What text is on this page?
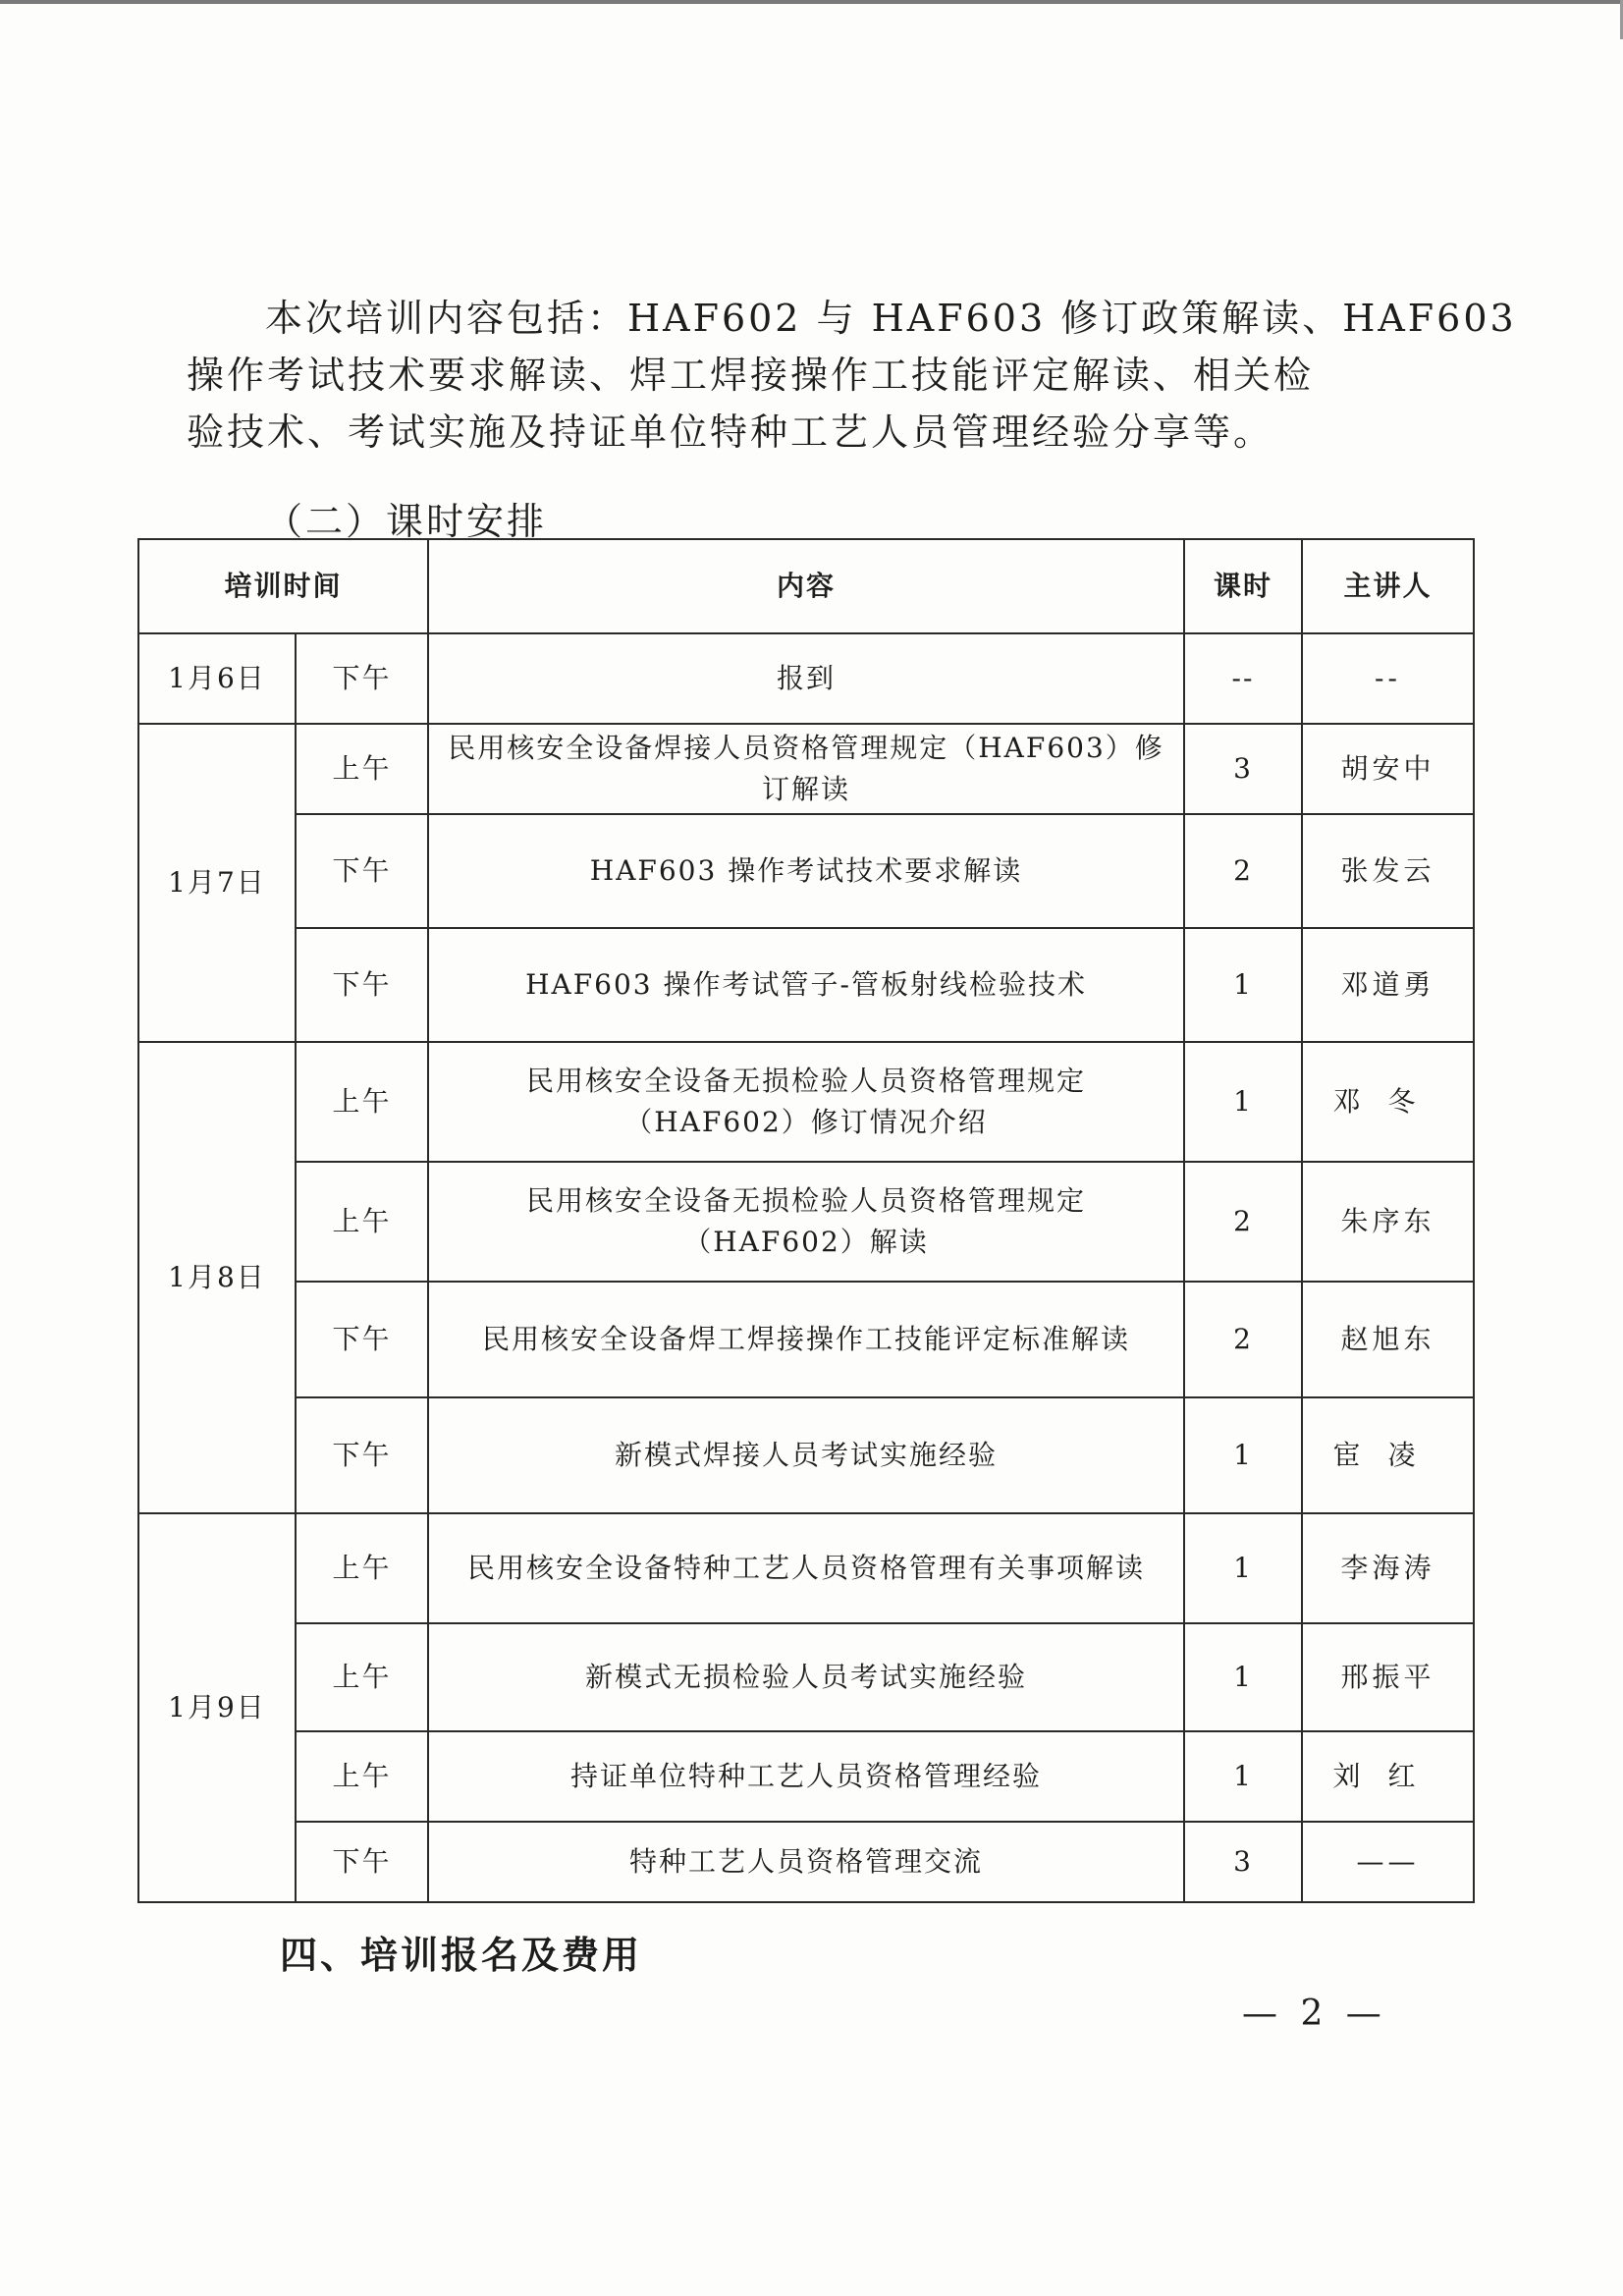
本次培训内容包括：HAF602 与 HAF603 修订政策解读、HAF603
操作考试技术要求解读、焊工焊接操作工技能评定解读、相关检
验技术、考试实施及持证单位特种工艺人员管理经验分享等。

（二）课时安排
培训时间		内容	课时	主讲人
1月6日	下午	报到	--	--
1月7日	上午	民用核安全设备焊接人员资格管理规定（HAF603）修订解读	3	胡安中
	下午	HAF603 操作考试技术要求解读	2	张发云
	下午	HAF603 操作考试管子-管板射线检验技术	1	邓道勇
1月8日	上午	民用核安全设备无损检验人员资格管理规定（HAF602）修订情况介绍	1	邓冬
	上午	民用核安全设备无损检验人员资格管理规定（HAF602）解读	2	朱序东
	下午	民用核安全设备焊工焊接操作工技能评定标准解读	2	赵旭东
	下午	新模式焊接人员考试实施经验	1	宦凌
1月9日	上午	民用核安全设备特种工艺人员资格管理有关事项解读	1	李海涛
	上午	新模式无损检验人员考试实施经验	1	邢振平
	上午	持证单位特种工艺人员资格管理经验	1	刘红
	下午	特种工艺人员资格管理交流	3	——
四、培训报名及费用
— 2 —
